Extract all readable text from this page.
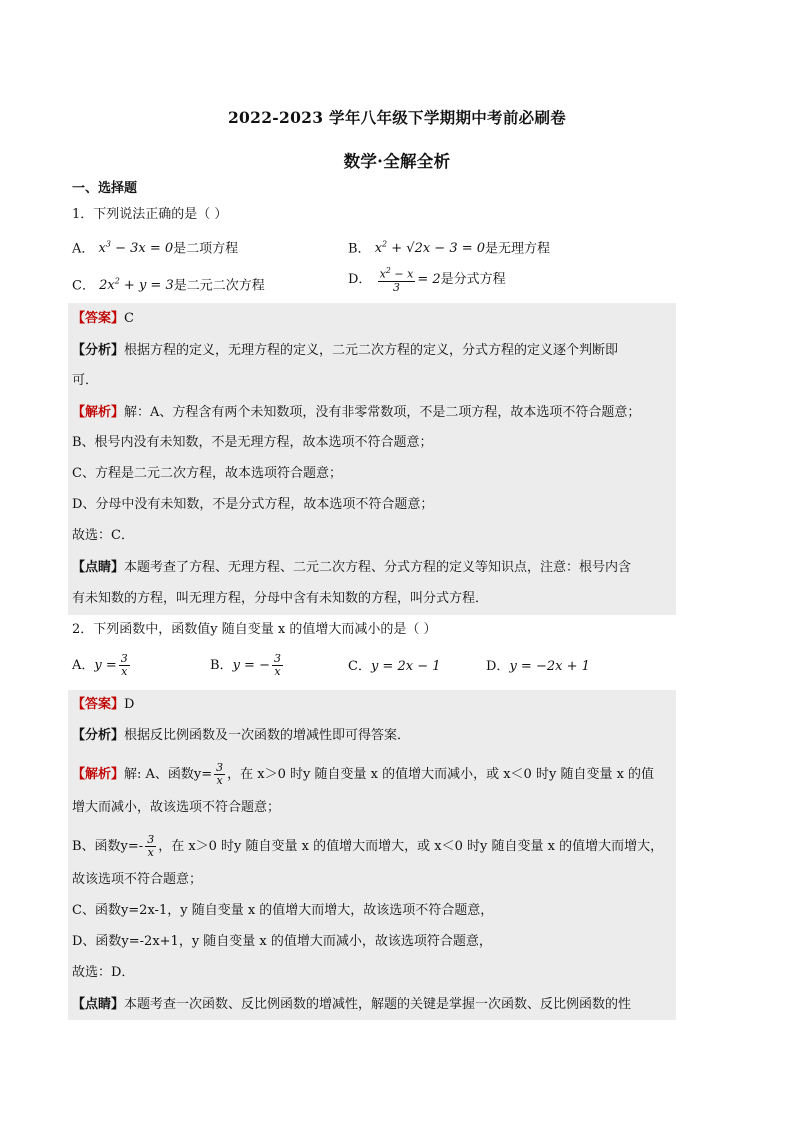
2022-2023 学年八年级下学期期中考前必刷卷
数学·全解全析
一、选择题
1．下列说法正确的是（ ）
A． $x^3 - 3x = 0$是二项方程	B． $x^2 + √2x - 3 = 0$是无理方程
C． $2x^2 + y = 3$是二元二次方程	D． $\frac{x^2 - x}{3} = 2$是分式方程
【答案】C
【分析】根据方程的定义，无理方程的定义，二元二次方程的定义，分式方程的定义逐个判断即
可．
【解析】解：A、方程含有两个未知数项，没有非零常数项，不是二项方程，故本选项不符合题意；
B、根号内没有未知数，不是无理方程，故本选项不符合题意；
C、方程是二元二次方程，故本选项符合题意；
D、分母中没有未知数，不是分式方程，故本选项不符合题意；
故选：C．
【点睛】本题考查了方程、无理方程、二元二次方程、分式方程的定义等知识点，注意：根号内含
有未知数的方程，叫无理方程，分母中含有未知数的方程，叫分式方程．
2．下列函数中，函数值y 随自变量 x 的值增大而减小的是（ ）
A．$y = \frac{3}{x}$	B．y = − $\frac{3}{x}$	C．y = 2x − 1	D．y = −2x + 1
【答案】D
【分析】根据反比例函数及一次函数的增减性即可得答案．
【解析】解: A、函数$y= \frac{3}{x}$ ，在 x＞0 时y 随自变量 x 的值增大而减小，或 x＜0 时y 随自变量 x 的值
增大而减小，故该选项不符合题意；
B、函数$y=- \frac{3}{x}$ ，在 x＞0 时y 随自变量 x 的值增大而增大，或 x＜0 时y 随自变量 x 的值增大而增大，
故该选项不符合题意；
C、函数y=2x-1，y 随自变量 x 的值增大而增大，故该选项不符合题意，
D、函数y=-2x+1，y 随自变量 x 的值增大而减小，故该选项符合题意，
故选：D．
【点睛】本题考查一次函数、反比例函数的增减性，解题的关键是掌握一次函数、反比例函数的性
